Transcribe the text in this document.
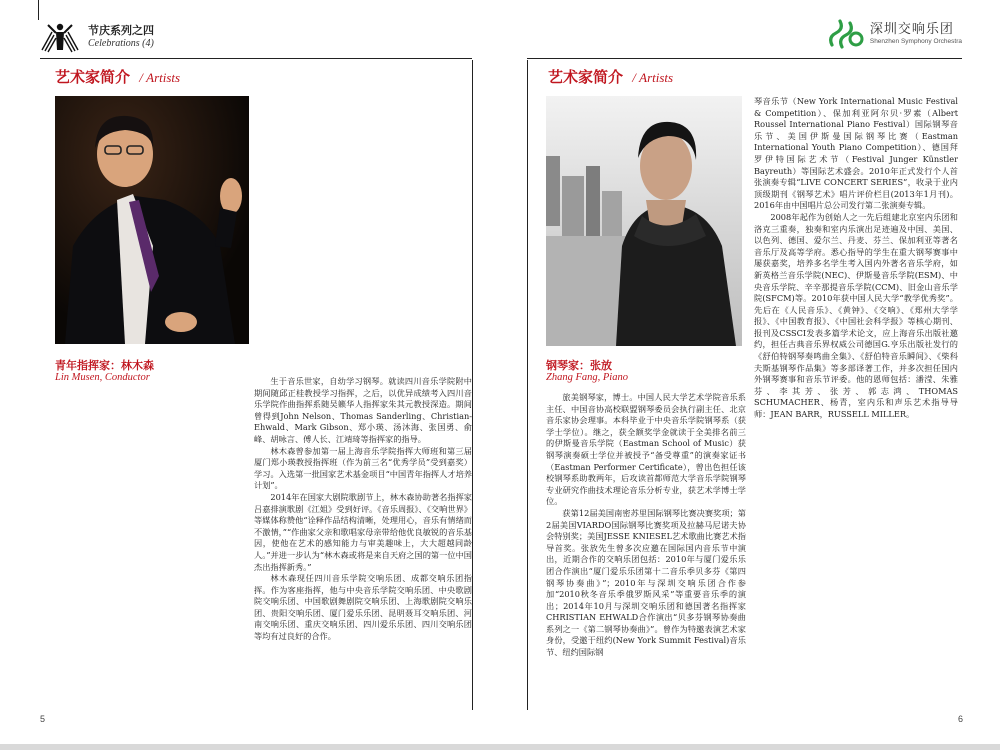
节庆系列之四
Celebrations (4)
艺术家简介 / Artists
青年指挥家：林木森
Lin Musen, Conductor	生于音乐世家，自幼学习钢琴。就读四川音乐学院附中期间随邱正桂教授学习指挥，之后，以优异成绩考入四川音乐学院作曲指挥系随吴籁华人指挥家朱其元教授深造。期间曾得到John Nelson、Thomas Sanderling、Christian-Ehwald、Mark Gibson、郑小瑛、汤沐海、张国勇、俞峰、胡咏言、傅人长、江靖琦等指挥家的指导。

林木森曾参加第一届上海音乐学院指挥大师班和第三届厦门郑小瑛教授指挥班（作为前三名“优秀学员”受到嘉奖）学习。入选第一批国家艺术基金项目“中国青年指挥人才培养计划”。

2014年在国家大剧院歌剧节上，林木森协助著名指挥家吕嘉排演歌剧《江姐》受到好评。《音乐周报》、《交响世界》等媒体称赞他“诠释作品结构清晰，处理用心，音乐有情绪而不激情，”“作曲家父亲和歌唱家母亲带给他优良敏锐的音乐基因，使他在艺术的感知能力与审美趣味上，大大超越同龄人。”并进一步认为“林木森或将是来自天府之国的第一位中国杰出指挥新秀。”

林木森现任四川音乐学院交响乐团、成都交响乐团指挥。作为客座指挥，他与中央音乐学院交响乐团、中央歌剧院交响乐团、中国歌剧舞剧院交响乐团、上海歌剧院交响乐团、贵阳交响乐团、厦门爱乐乐团、昆明聂耳交响乐团、河南交响乐团、重庆交响乐团、四川爱乐乐团、四川交响乐团等均有过良好的合作。

5
深圳交响乐团
Shenzhen Symphony Orchestra
艺术家简介 / Artists
钢琴家：张放
Zhang Fang, Piano

旅美钢琴家，博士。中国人民大学艺术学院音乐系主任、中国音协高校联盟钢琴委员会执行副主任、北京音乐家协会理事。本科毕业于中央音乐学院钢琴系（获学士学位）。继之，获全额奖学金就读于全美排名前三的伊斯曼音乐学院（Eastman School of Music）获钢琴演奏硕士学位并被授予“备受尊重”的演奏家证书（Eastman Performer Certificate），曾出色担任该校钢琴系助教两年，后攻读首都师范大学音乐学院钢琴专业研究作曲技术理论音乐分析专业，获艺术学博士学位。

获第12届美国南密苏里国际钢琴比赛决赛奖项；第2届美国VIARDO国际钢琴比赛奖项及拉赫马尼诺夫协会特别奖；美国JESSE KNIESEL艺术歌曲比赛艺术指导首奖。张放先生曾多次应邀在国际国内音乐节中演出，近期合作的交响乐团包括：2010年与厦门爱乐乐团合作演出“厦门爱乐乐团第十二音乐季贝多芬《第四钢琴协奏曲》”；2010年与深圳交响乐团合作参加“2010秋冬音乐季俄罗斯风采”等重要音乐季的演出；2014年10月与深圳交响乐团和德国著名指挥家CHRISTIAN EHWALD合作演出“贝多芬钢琴协奏曲系列之一《第二钢琴协奏曲》”。曾作为特邀表演艺术家身份，受邀于纽约(New York Summit Festival)音乐节、纽约国际钢

琴音乐节（New York International Music Festival & Competition）、保加利亚阿尔贝·罗素（Albert Roussel International Piano Festival）国际钢琴音乐节、美国伊斯曼国际钢琴比赛（Eastman International Youth Piano Competition）、德国拜罗伊特国际艺术节（Festival Junger Künstler Bayreuth）等国际艺术盛会。2010年正式发行个人首张演奏专辑“LIVE CONCERT SERIES”，收录于业内顶级期刊《钢琴艺术》唱片评价栏目(2013年1月刊)。2016年由中国唱片总公司发行第二张演奏专辑。

2008年起作为创始人之一先后组建北京室内乐团和洛克三重奏，独奏和室内乐演出足迹遍及中国、美国、以色列、德国、爱尔兰、丹麦、芬兰、保加利亚等著名音乐厅及高等学府。悉心指导的学生在重大钢琴赛事中屡获嘉奖，培养多名学生考入国内外著名音乐学府，如新英格兰音乐学院(NEC)、伊斯曼音乐学院(ESM)、中央音乐学院、辛辛那提音乐学院(CCM)、旧金山音乐学院(SFCM)等。2010年获中国人民大学“教学优秀奖”。先后在《人民音乐》、《黄钟》、《交响》、《郑州大学学报》、《中国教育报》、《中国社会科学报》等核心期刊、报刊及CSSCI发表多篇学术论文，应上海音乐出版社邀约，担任古典音乐界权威公司德国G.亨乐出版社发行的《舒伯特钢琴奏鸣曲全集》、《舒伯特音乐瞬间》、《柴科夫斯基钢琴作品集》等多部译著工作，并多次担任国内外钢琴赛事和音乐节评委。他的恩师包括：潘滢、朱雅芬、李其芳、张芳、郭志鸿、THOMAS SCHUMACHER、杨青，室内乐和声乐艺术指导导师：JEAN BARR，RUSSELL MILLER。

6
